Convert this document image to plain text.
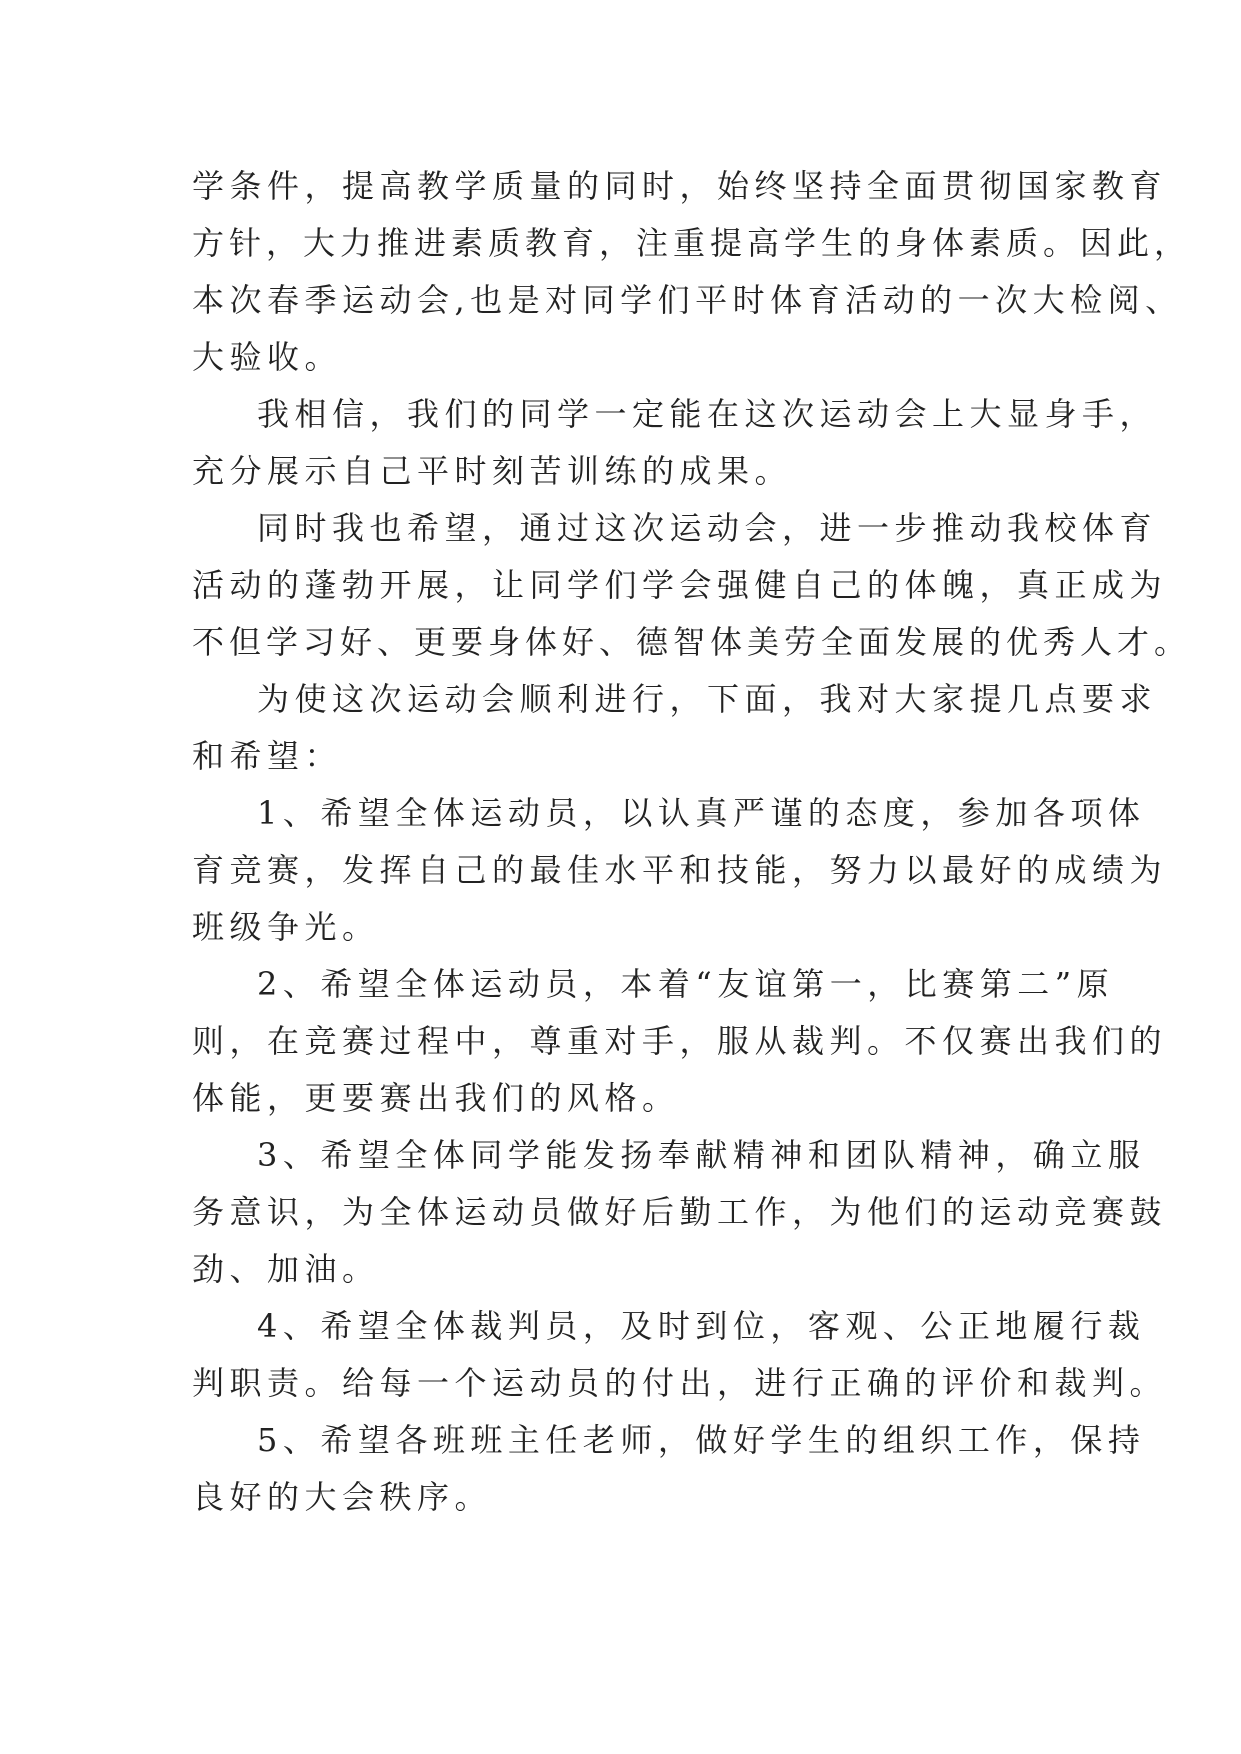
学条件，提高教学质量的同时，始终坚持全面贯彻国家教育
方针，大力推进素质教育，注重提高学生的身体素质。因此，
本次春季运动会,也是对同学们平时体育活动的一次大检阅、
大验收。
我相信，我们的同学一定能在这次运动会上大显身手，
充分展示自己平时刻苦训练的成果。
同时我也希望，通过这次运动会，进一步推动我校体育
活动的蓬勃开展，让同学们学会强健自己的体魄，真正成为
不但学习好、更要身体好、德智体美劳全面发展的优秀人才。
为使这次运动会顺利进行，下面，我对大家提几点要求
和希望：
1、希望全体运动员，以认真严谨的态度，参加各项体
育竞赛，发挥自己的最佳水平和技能，努力以最好的成绩为
班级争光。
2、希望全体运动员，本着“友谊第一，比赛第二”原
则，在竞赛过程中，尊重对手，服从裁判。不仅赛出我们的
体能，更要赛出我们的风格。
3、希望全体同学能发扬奉献精神和团队精神，确立服
务意识，为全体运动员做好后勤工作，为他们的运动竞赛鼓
劲、加油。
4、希望全体裁判员，及时到位，客观、公正地履行裁
判职责。给每一个运动员的付出，进行正确的评价和裁判。
5、希望各班班主任老师，做好学生的组织工作，保持
良好的大会秩序。
